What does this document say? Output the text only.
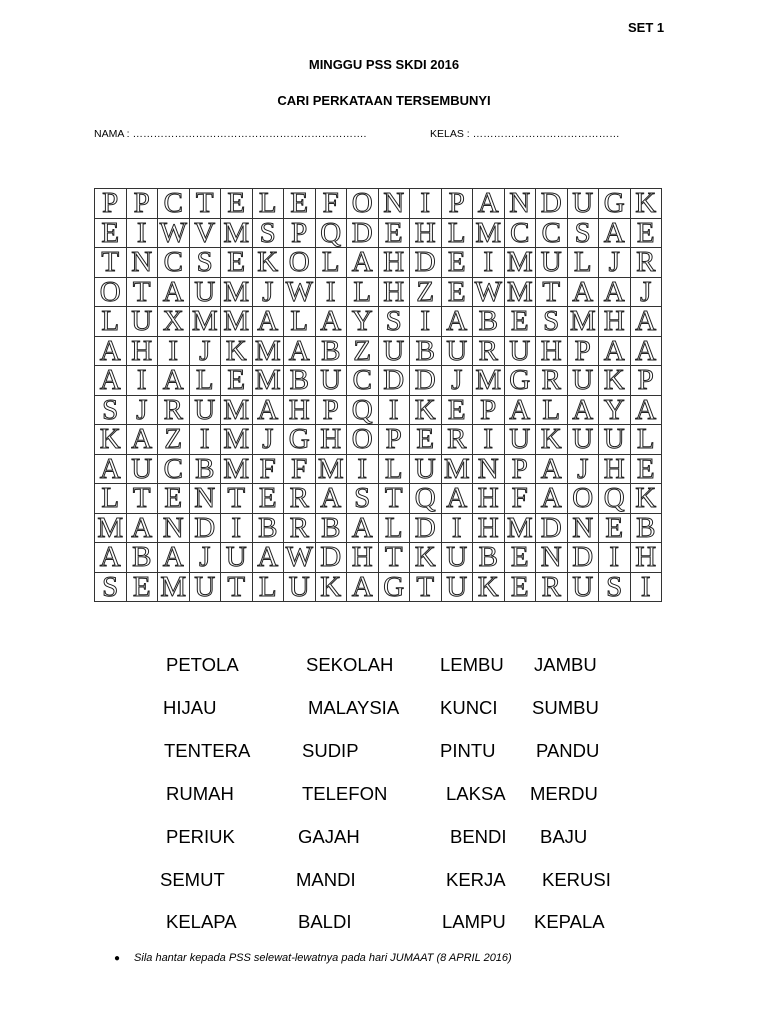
SET 1
MINGGU PSS SKDI 2016
CARI PERKATAAN TERSEMBUNYI
NAMA : ………………………………………………………….	KELAS : ……………………………………
P	P	C	T	E	L	E	F	O	N	I	P	A	N	D	U	G	K
E	I	W	V	M	S	P	Q	D	E	H	L	M	C	C	S	A	E
T	N	C	S	E	K	O	L	A	H	D	E	I	M	U	L	J	R
O	T	A	U	M	J	W	I	L	H	Z	E	W	M	T	A	A	J
L	U	X	M	M	A	L	A	Y	S	I	A	B	E	S	M	H	A
A	H	I	J	K	M	A	B	Z	U	B	U	R	U	H	P	A	A
A	I	A	L	E	M	B	U	C	D	D	J	M	G	R	U	K	P
S	J	R	U	M	A	H	P	Q	I	K	E	P	A	L	A	Y	A
K	A	Z	I	M	J	G	H	O	P	E	R	I	U	K	U	U	L
A	U	C	B	M	F	F	M	I	L	U	M	N	P	A	J	H	E
L	T	E	N	T	E	R	A	S	T	Q	A	H	F	A	O	Q	K
M	A	N	D	I	B	R	B	A	L	D	I	H	M	D	N	E	B
A	B	A	J	U	A	W	D	H	T	K	U	B	E	N	D	I	H
S	E	M	U	T	L	U	K	A	G	T	U	K	E	R	U	S	I
PETOLA	SEKOLAH	LEMBU JAMBU
HIJAU	MALAYSIA KUNCI SUMBU
TENTERA	SUDIP	PINTU PANDU
RUMAH	TELEFON	LAKSA MERDU
PERIUK	GAJAH	BENDI BAJU
SEMUT	MANDI	KERJA KERUSI
KELAPA	BALDI	LAMPU KEPALA
● Sila hantar kepada PSS selewat-lewatnya pada hari JUMAAT (8 APRIL 2016)
